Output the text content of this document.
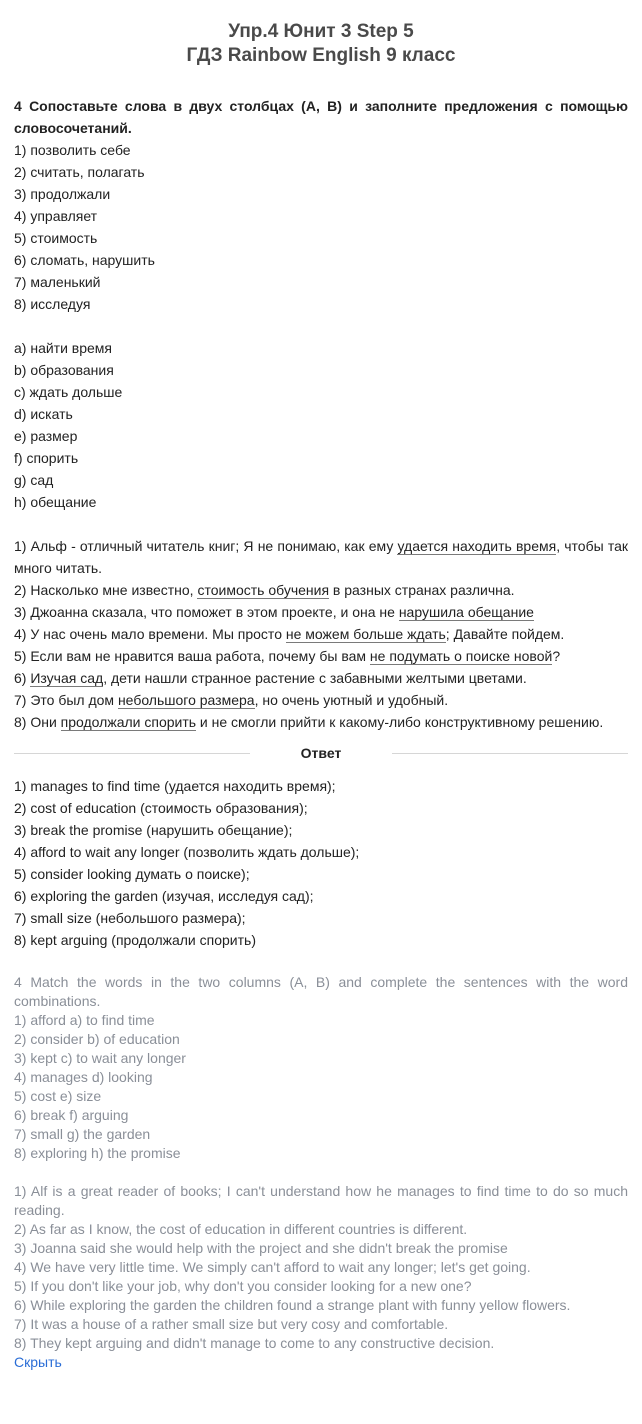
Упр.4 Юнит 3 Step 5
ГДЗ Rainbow English 9 класс
4 Сопоставьте слова в двух столбцах (A, B) и заполните предложения с помощью словосочетаний.
1) позволить себе
2) считать, полагать
3) продолжали
4) управляет
5) стоимость
6) сломать, нарушить
7) маленький
8) исследуя
a) найти время
b) образования
c) ждать дольше
d) искать
e) размер
f) спорить
g) сад
h) обещание
1) Альф - отличный читатель книг; Я не понимаю, как ему удается находить время, чтобы так много читать.
2) Насколько мне известно, стоимость обучения в разных странах различна.
3) Джоанна сказала, что поможет в этом проекте, и она не нарушила обещание
4) У нас очень мало времени. Мы просто не можем больше ждать; Давайте пойдем.
5) Если вам не нравится ваша работа, почему бы вам не подумать о поиске новой?
6) Изучая сад, дети нашли странное растение с забавными желтыми цветами.
7) Это был дом небольшого размера, но очень уютный и удобный.
8) Они продолжали спорить и не смогли прийти к какому-либо конструктивному решению.
Ответ
1) manages to find time (удается находить время);
2) cost of education (стоимость образования);
3) break the promise (нарушить обещание);
4) afford to wait any longer (позволить ждать дольше);
5) consider looking думать о поиске);
6) exploring the garden (изучая, исследуя сад);
7) small size (небольшого размера);
8) kept arguing (продолжали спорить)
4 Match the words in the two columns (A, B) and complete the sentences with the word combinations.
1) afford a) to find time
2) consider b) of education
3) kept c) to wait any longer
4) manages d) looking
5) cost e) size
6) break f) arguing
7) small g) the garden
8) exploring h) the promise
1) Alf is a great reader of books; I can't understand how he manages to find time to do so much reading.
2) As far as I know, the cost of education in different countries is different.
3) Joanna said she would help with the project and she didn't break the promise
4) We have very little time. We simply can't afford to wait any longer; let's get going.
5) If you don't like your job, why don't you consider looking for a new one?
6) While exploring the garden the children found a strange plant with funny yellow flowers.
7) It was a house of a rather small size but very cosy and comfortable.
8) They kept arguing and didn't manage to come to any constructive decision.
Скрыть
